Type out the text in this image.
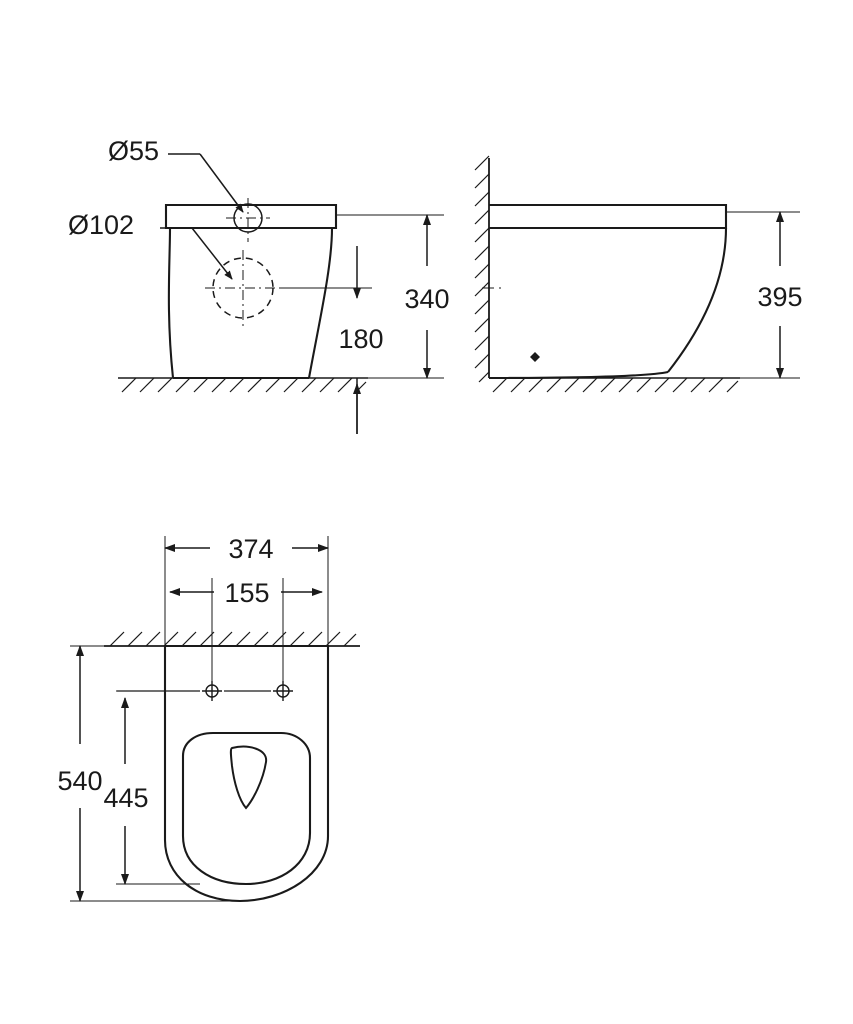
Ø55
Ø102
340
180
395
374
155
540
445
